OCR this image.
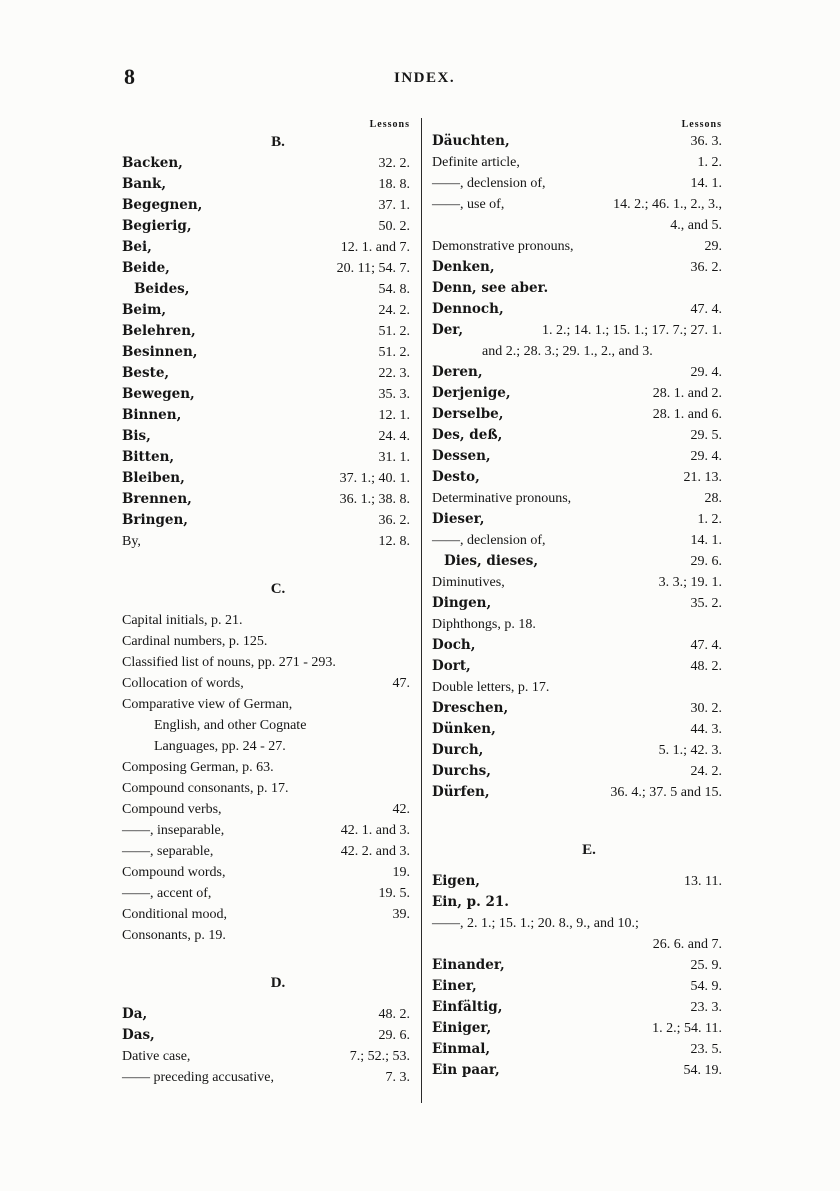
8	INDEX.
Lessons
B.
Backen,	32. 2.
Bank,	18. 8.
Begegnen,	37. 1.
Begierig,	50. 2.
Bei,	12. 1. and 7.
Beide,	20. 11; 54. 7.
Beides,	54. 8.
Beim,	24. 2.
Belehren,	51. 2.
Besinnen,	51. 2.
Beste,	22. 3.
Bewegen,	35. 3.
Binnen,	12. 1.
Bis,	24. 4.
Bitten,	31. 1.
Bleiben,	37. 1.; 40. 1.
Brennen,	36. 1.; 38. 8.
Bringen,	36. 2.
By,	12. 8.
C.
Capital initials, p. 21.
Cardinal numbers, p. 125.
Classified list of nouns, pp. 271 - 293.
Collocation of words,	47.
Comparative view of German,
English, and other Cognate
Languages, pp. 24 - 27.
Composing German, p. 63.
Compound consonants, p. 17.
Compound verbs,	42.
——, inseparable,	42. 1. and 3.
——, separable,	42. 2. and 3.
Compound words,	19.
——, accent of,	19. 5.
Conditional mood,	39.
Consonants, p. 19.
D.
Da,	48. 2.
Das,	29. 6.
Dative case,	7.; 52.; 53.
—— preceding accusative,	7. 3.
Lessons
Däuchten,	36. 3.
Definite article,	1. 2.
——, declension of,	14. 1.
——, use of,	14. 2.; 46. 1., 2., 3.,
4., and 5.
Demonstrative pronouns,	29.
Denken,	36. 2.
Denn, see aber.
Dennoch,	47. 4.
Der,	1. 2.; 14. 1.; 15. 1.; 17. 7.; 27. 1.
and 2.; 28. 3.; 29. 1., 2., and 3.
Deren,	29. 4.
Derjenige,	28. 1. and 2.
Derselbe,	28. 1. and 6.
Des, deß,	29. 5.
Dessen,	29. 4.
Desto,	21. 13.
Determinative pronouns,	28.
Dieser,	1. 2.
——, declension of,	14. 1.
Dies, dieses,	29. 6.
Diminutives,	3. 3.; 19. 1.
Dingen,	35. 2.
Diphthongs, p. 18.
Doch,	47. 4.
Dort,	48. 2.
Double letters, p. 17.
Dreschen,	30. 2.
Dünken,	44. 3.
Durch,	5. 1.; 42. 3.
Durchs,	24. 2.
Dürfen,	36. 4.; 37. 5 and 15.
E.
Eigen,	13. 11.
Ein, p. 21.
——, 2. 1.; 15. 1.; 20. 8., 9., and 10.;
26. 6. and 7.
Einander,	25. 9.
Einer,	54. 9.
Einfältig,	23. 3.
Einiger,	1. 2.; 54. 11.
Einmal,	23. 5.
Ein paar,	54. 19.
